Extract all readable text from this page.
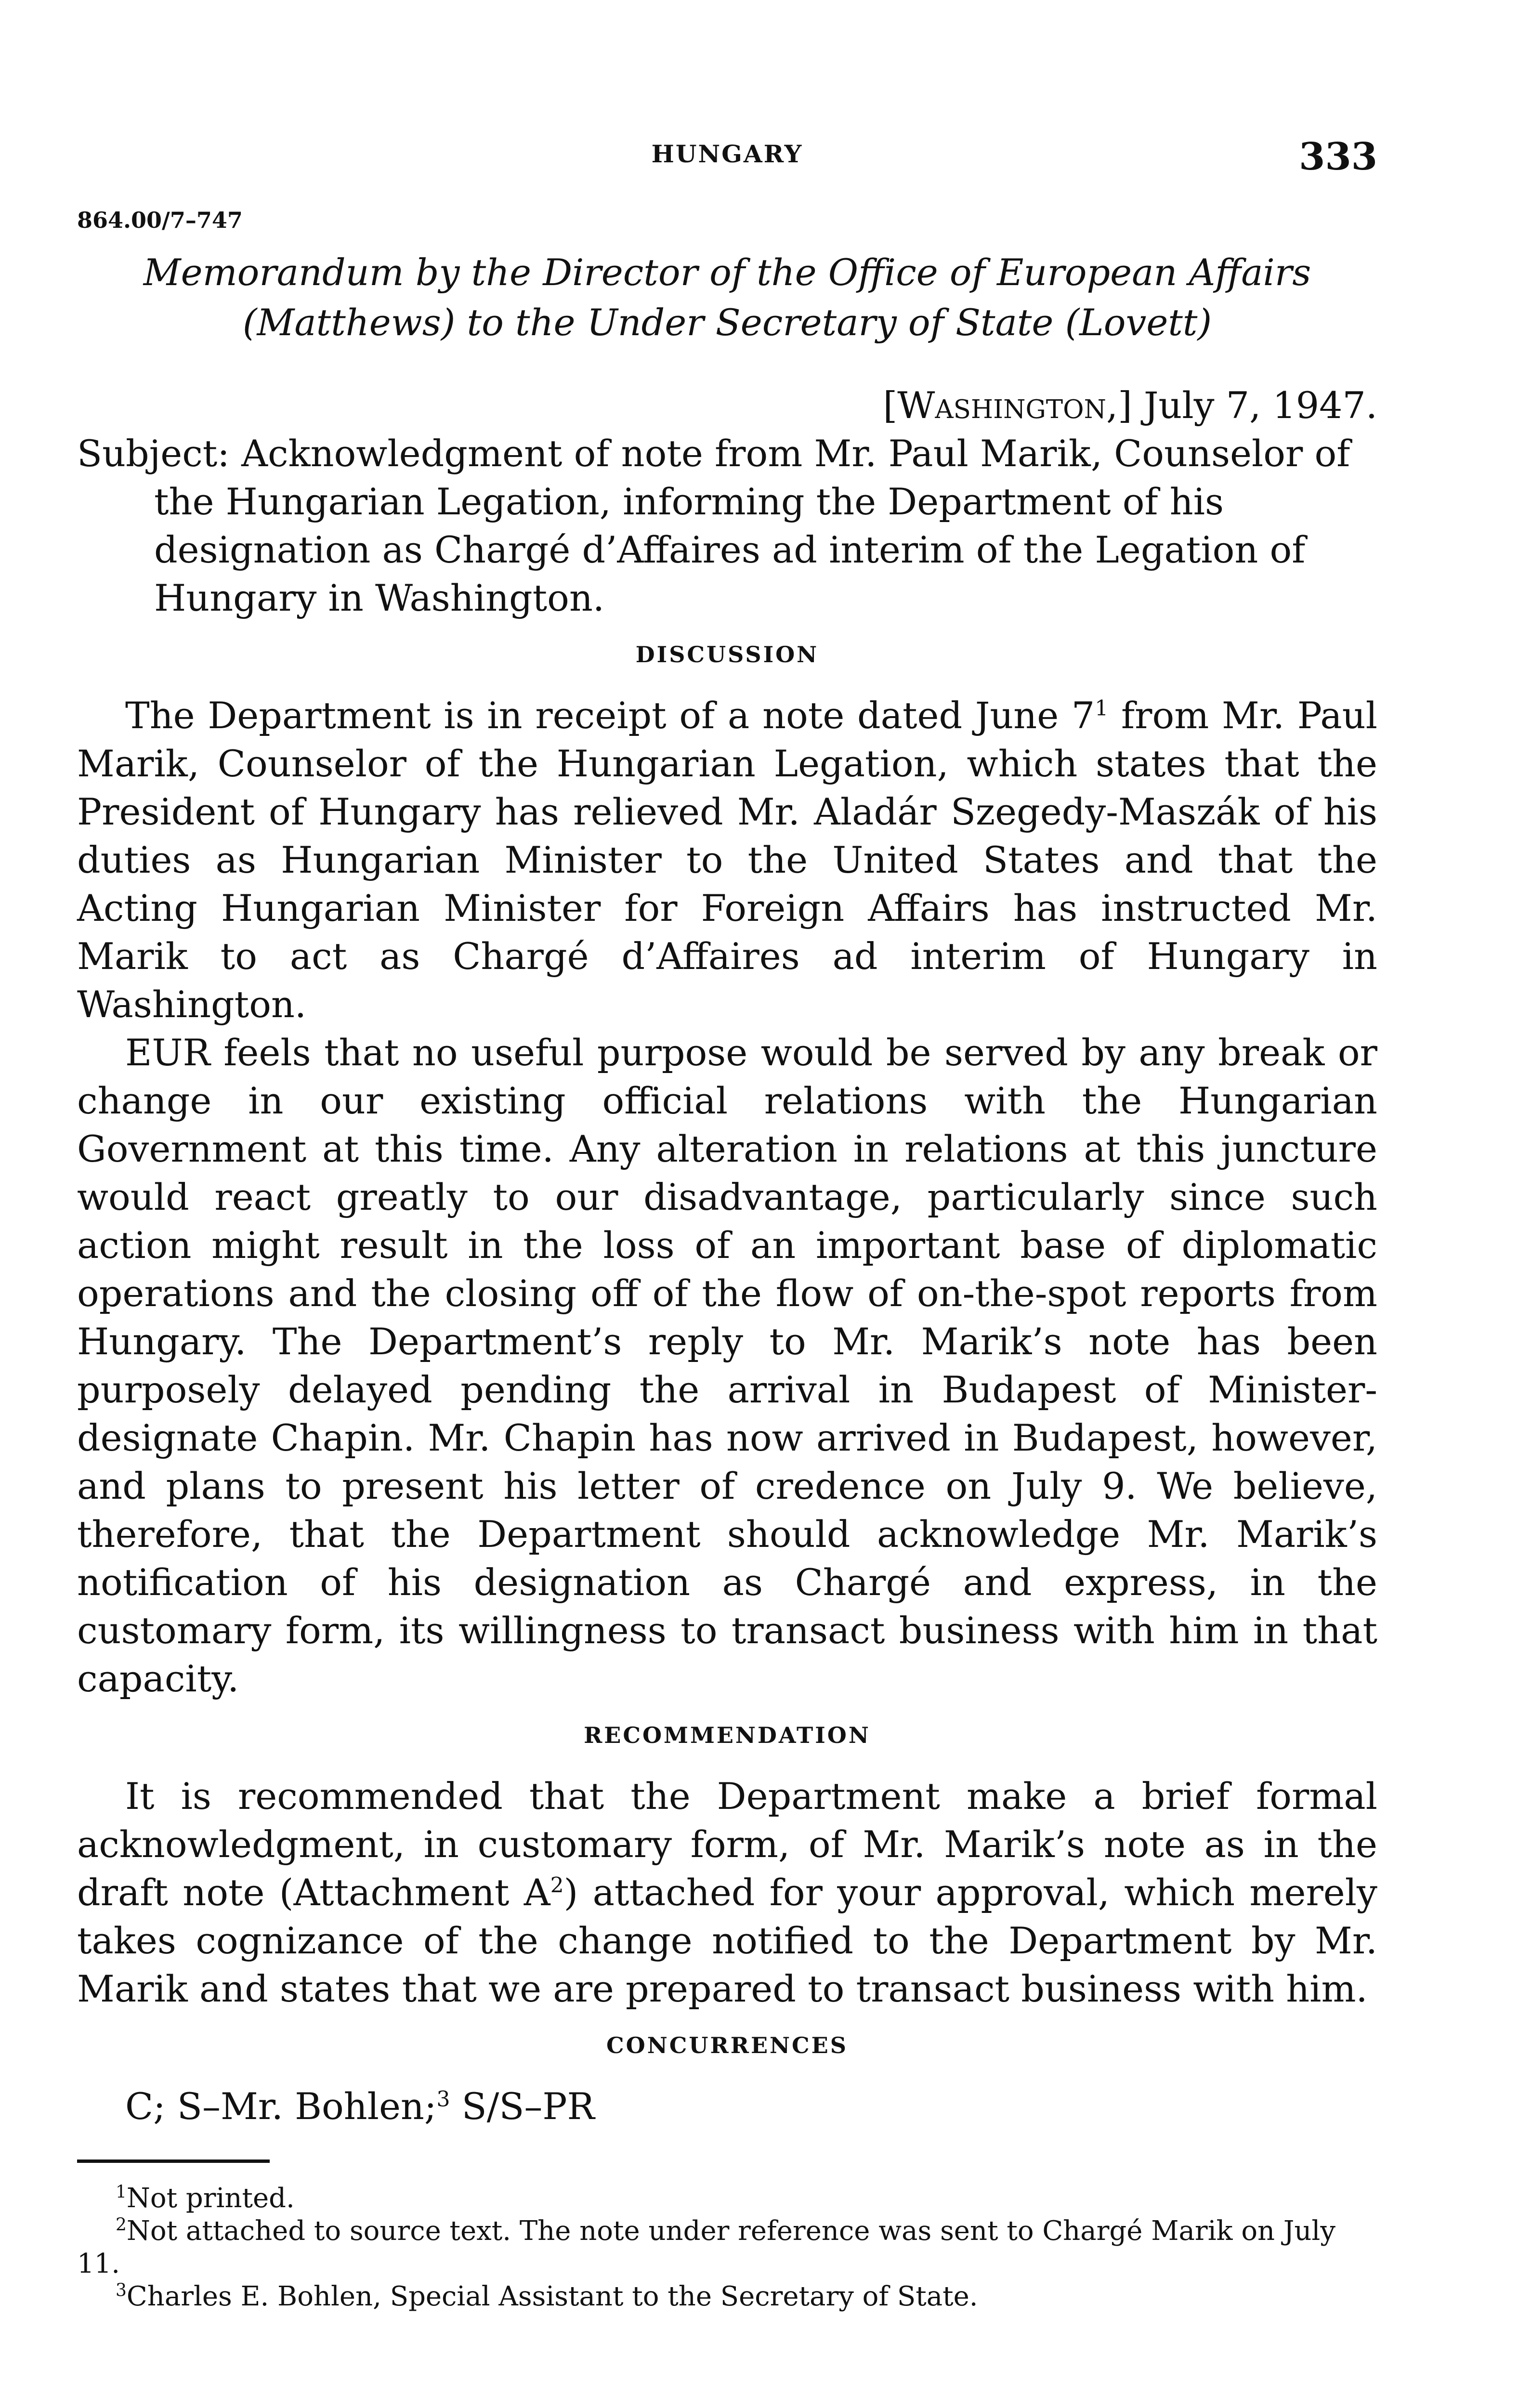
HUNGARY	333
864.00/7–747
Memorandum by the Director of the Office of European Affairs (Matthews) to the Under Secretary of State (Lovett)
[Washington,] July 7, 1947.
Subject: Acknowledgment of note from Mr. Paul Marik, Counselor of the Hungarian Legation, informing the Department of his designation as Chargé d’Affaires ad interim of the Legation of Hungary in Washington.
DISCUSSION

The Department is in receipt of a note dated June $7^1$ from Mr. Paul Marik, Counselor of the Hungarian Legation, which states that the President of Hungary has relieved Mr. Aladár Szegedy-Maszák of his duties as Hungarian Minister to the United States and that the Acting Hungarian Minister for Foreign Affairs has instructed Mr. Marik to act as Chargé d’Affaires ad interim of Hungary in Washington.

EUR feels that no useful purpose would be served by any break or change in our existing official relations with the Hungarian Government at this time. Any alteration in relations at this juncture would react greatly to our disadvantage, particularly since such action might result in the loss of an important base of diplomatic operations and the closing off of the flow of on-the-spot reports from Hungary. The Department’s reply to Mr. Marik’s note has been purposely delayed pending the arrival in Budapest of Minister-designate Chapin. Mr. Chapin has now arrived in Budapest, however, and plans to present his letter of credence on July 9. We believe, therefore, that the Department should acknowledge Mr. Marik’s notification of his designation as Chargé and express, in the customary form, its willingness to transact business with him in that capacity.

RECOMMENDATION

It is recommended that the Department make a brief formal acknowledgment, in customary form, of Mr. Marik’s note as in the draft note (Attachment $A^2$) attached for your approval, which merely takes cognizance of the change notified to the Department by Mr. Marik and states that we are prepared to transact business with him.

CONCURRENCES
C; S–Mr. Bohlen;$^3$ S/S–PR

$^1$Not printed.

$^2$Not attached to source text. The note under reference was sent to Chargé Marik on July 11.

$^3$Charles E. Bohlen, Special Assistant to the Secretary of State.
